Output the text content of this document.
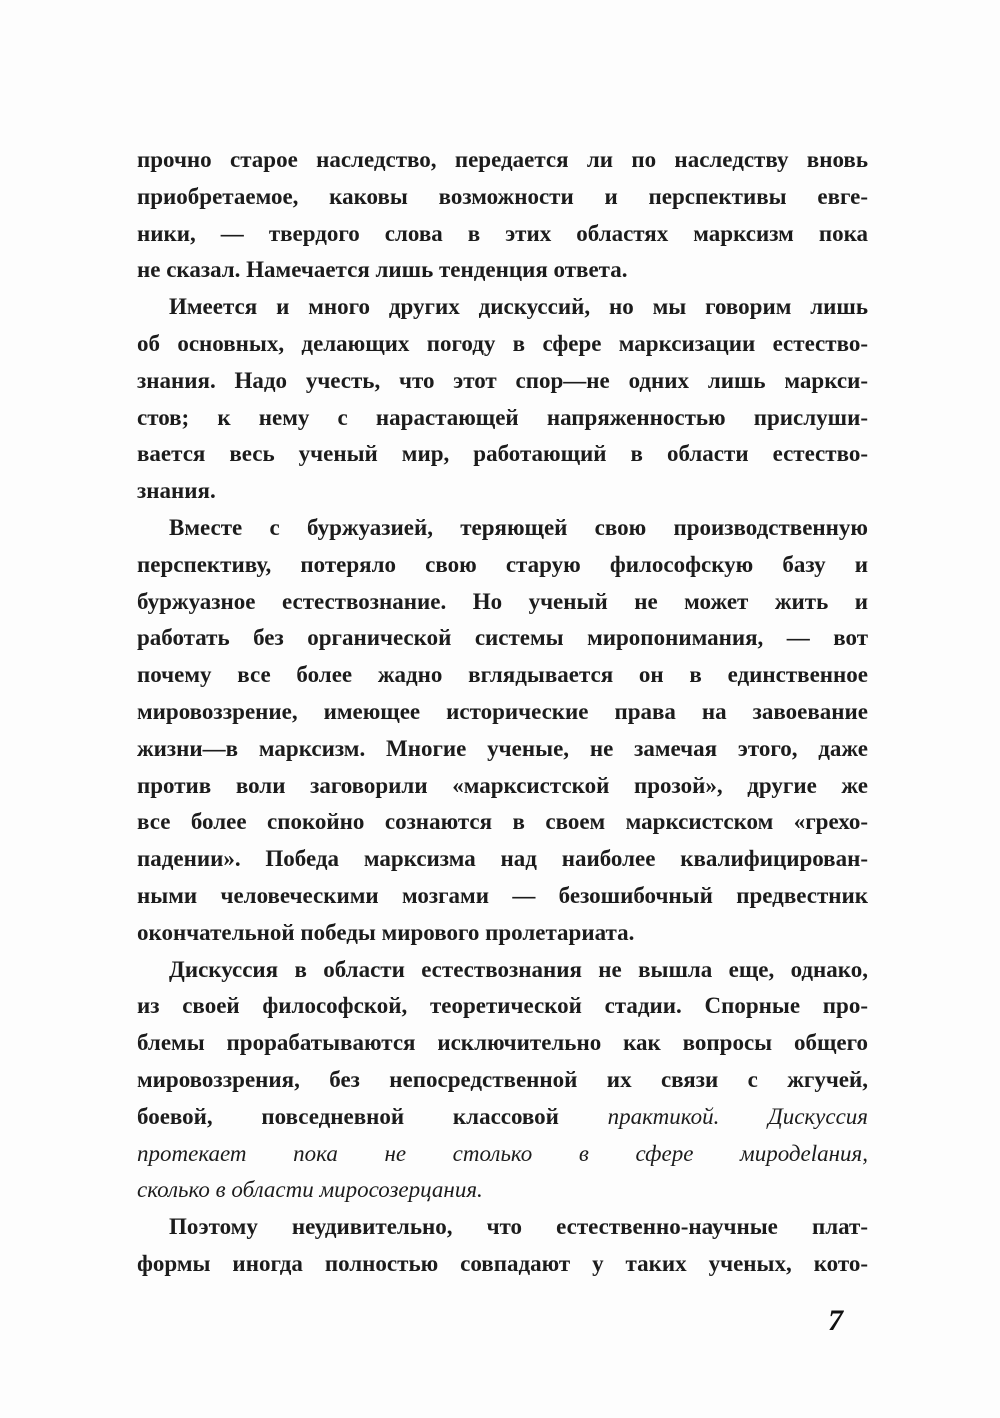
прочно старое наследство, передается ли по наследству вновь
приобретаемое, каковы возможности и перспективы евге-
ники, — твердого слова в этих областях марксизм пока
не сказал. Намечается лишь тенденция ответа.
Имеется и много других дискуссий, но мы говорим лишь
об основных, делающих погоду в сфере марксизации естество-
знания. Надо учесть, что этот спор—не одних лишь маркси-
стов; к нему с нарастающей напряженностью прислуши-
вается весь ученый мир, работающий в области естество-
знания.
Вместе с буржуазией, теряющей свою производственную
перспективу, потеряло свою старую философскую базу и
буржуазное естествознание. Но ученый не может жить и
работать без органической системы миропонимания, — вот
почему все более жадно вглядывается он в единственное
мировоззрение, имеющее исторические права на завоевание
жизни—в марксизм. Многие ученые, не замечая этого, даже
против воли заговорили «марксистской прозой», другие же
все более спокойно сознаются в своем марксистском «грехо-
падении». Победа марксизма над наиболее квалифицирован-
ными человеческими мозгами — безошибочный предвестник
окончательной победы мирового пролетариата.
Дискуссия в области естествознания не вышла еще, однако,
из своей философской, теоретической стадии. Спорные про-
блемы прорабатываются исключительно как вопросы общего
мировоззрения, без непосредственной их связи с жгучей,
боевой, повседневной классовой практикой. Дискуссия
протекает пока не столько в сфере миродelания,
сколько в области миросозерцания.
Поэтому неудивительно, что естественно-научные плат-
формы иногда полностью совпадают у таких ученых, кото-
7
